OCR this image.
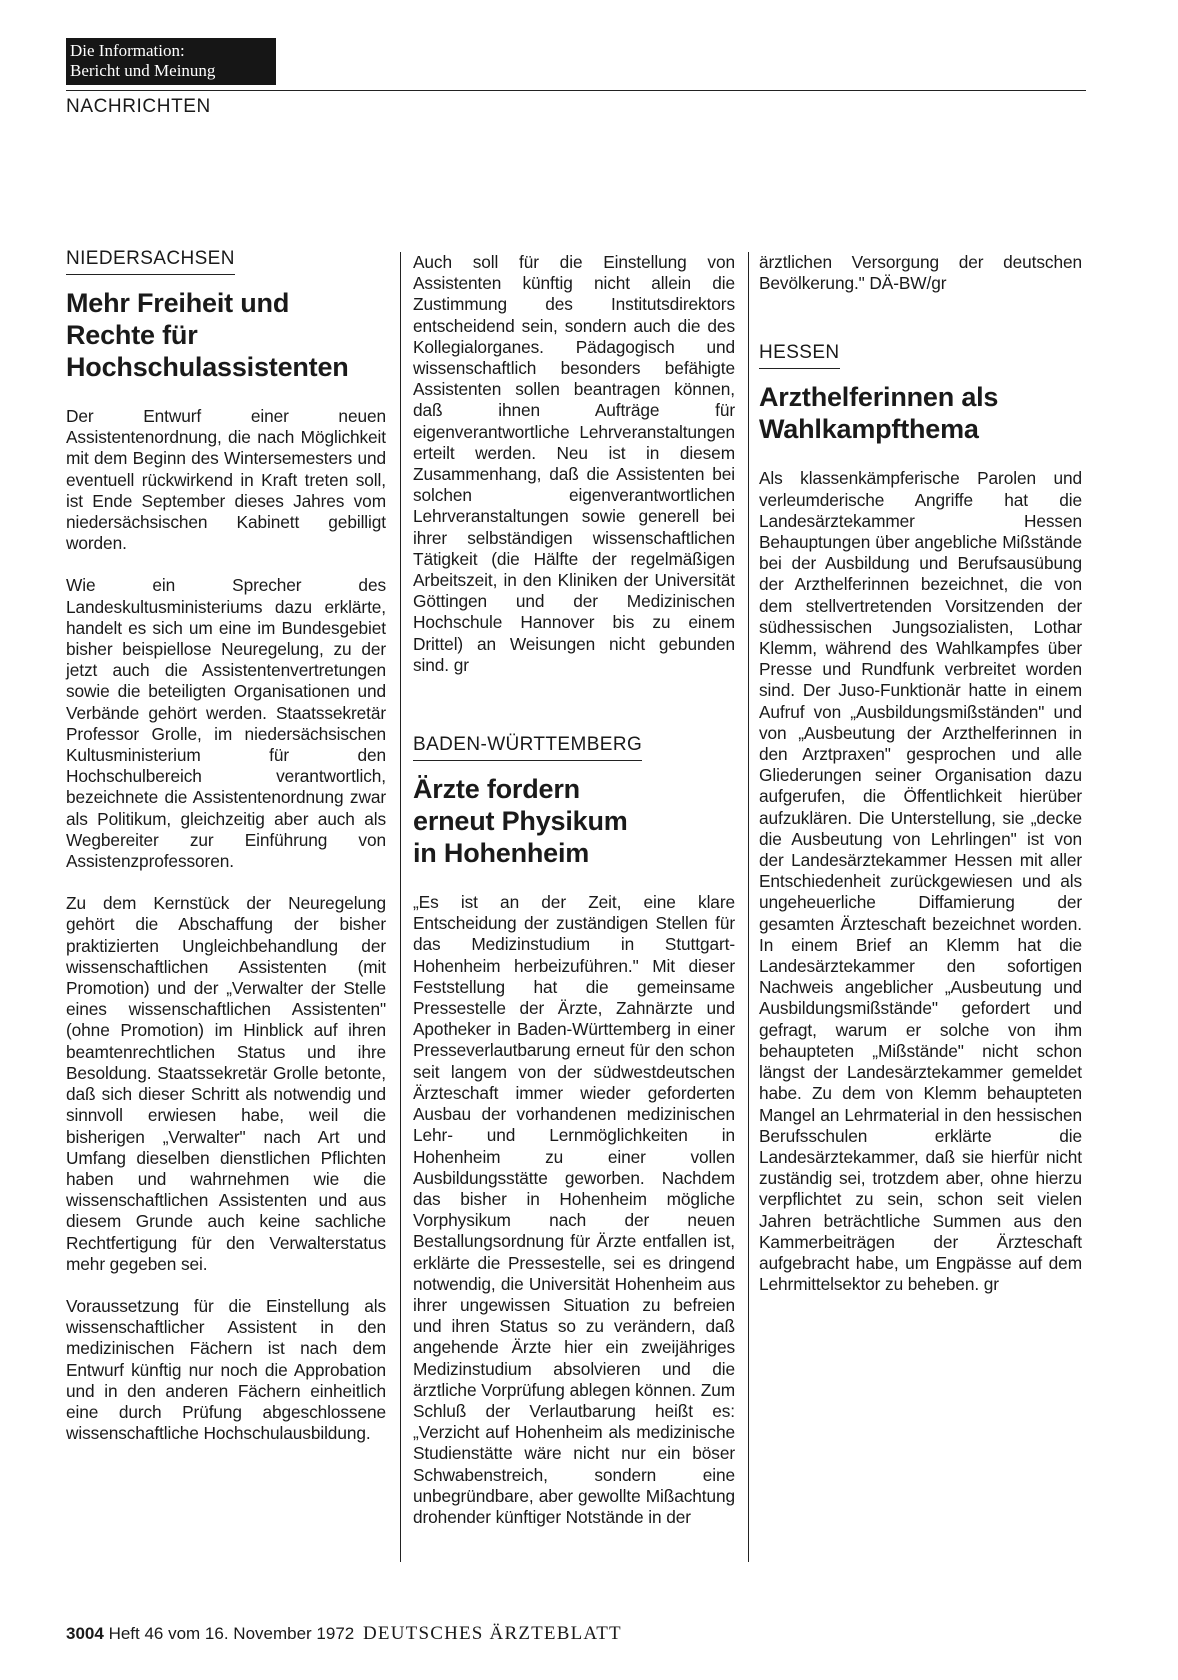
Die Information:
Bericht und Meinung
NACHRICHTEN
NIEDERSACHSEN
Mehr Freiheit und Rechte für Hochschulassistenten

Der Entwurf einer neuen Assistentenordnung, die nach Möglichkeit mit dem Beginn des Wintersemesters und eventuell rückwirkend in Kraft treten soll, ist Ende September dieses Jahres vom niedersächsischen Kabinett gebilligt worden.

Wie ein Sprecher des Landeskultusministeriums dazu erklärte, handelt es sich um eine im Bundesgebiet bisher beispiellose Neuregelung, zu der jetzt auch die Assistentenvertretungen sowie die beteiligten Organisationen und Verbände gehört werden. Staatssekretär Professor Grolle, im niedersächsischen Kultusministerium für den Hochschulbereich verantwortlich, bezeichnete die Assistentenordnung zwar als Politikum, gleichzeitig aber auch als Wegbereiter zur Einführung von Assistenzprofessoren.

Zu dem Kernstück der Neuregelung gehört die Abschaffung der bisher praktizierten Ungleichbehandlung der wissenschaftlichen Assistenten (mit Promotion) und der „Verwalter der Stelle eines wissenschaftlichen Assistenten" (ohne Promotion) im Hinblick auf ihren beamtenrechtlichen Status und ihre Besoldung. Staatssekretär Grolle betonte, daß sich dieser Schritt als notwendig und sinnvoll erwiesen habe, weil die bisherigen „Verwalter" nach Art und Umfang dieselben dienstlichen Pflichten haben und wahrnehmen wie die wissenschaftlichen Assistenten und aus diesem Grunde auch keine sachliche Rechtfertigung für den Verwalterstatus mehr gegeben sei.

Voraussetzung für die Einstellung als wissenschaftlicher Assistent in den medizinischen Fächern ist nach dem Entwurf künftig nur noch die Approbation und in den anderen Fächern einheitlich eine durch Prüfung abgeschlossene wissenschaftliche Hochschulausbildung.

Auch soll für die Einstellung von Assistenten künftig nicht allein die Zustimmung des Institutsdirektors entscheidend sein, sondern auch die des Kollegialorganes. Pädagogisch und wissenschaftlich besonders befähigte Assistenten sollen beantragen können, daß ihnen Aufträge für eigenverantwortliche Lehrveranstaltungen erteilt werden. Neu ist in diesem Zusammenhang, daß die Assistenten bei solchen eigenverantwortlichen Lehrveranstaltungen sowie generell bei ihrer selbständigen wissenschaftlichen Tätigkeit (die Hälfte der regelmäßigen Arbeitszeit, in den Kliniken der Universität Göttingen und der Medizinischen Hochschule Hannover bis zu einem Drittel) an Weisungen nicht gebunden sind. gr

BADEN-WÜRTTEMBERG
Ärzte fordern erneut Physikum in Hohenheim

„Es ist an der Zeit, eine klare Entscheidung der zuständigen Stellen für das Medizinstudium in Stuttgart-Hohenheim herbeizuführen." Mit dieser Feststellung hat die gemeinsame Pressestelle der Ärzte, Zahnärzte und Apotheker in Baden-Württemberg in einer Presseverlautbarung erneut für den schon seit langem von der südwestdeutschen Ärzteschaft immer wieder geforderten Ausbau der vorhandenen medizinischen Lehr- und Lernmöglichkeiten in Hohenheim zu einer vollen Ausbildungsstätte geworben. Nachdem das bisher in Hohenheim mögliche Vorphysikum nach der neuen Bestallungsordnung für Ärzte entfallen ist, erklärte die Pressestelle, sei es dringend notwendig, die Universität Hohenheim aus ihrer ungewissen Situation zu befreien und ihren Status so zu verändern, daß angehende Ärzte hier ein zweijähriges Medizinstudium absolvieren und die ärztliche Vorprüfung ablegen können. Zum Schluß der Verlautbarung heißt es: „Verzicht auf Hohenheim als medizinische Studienstätte wäre nicht nur ein böser Schwabenstreich, sondern eine unbegründbare, aber gewollte Mißachtung drohender künftiger Notstände in der

ärztlichen Versorgung der deutschen Bevölkerung." DÄ-BW/gr

HESSEN
Arzthelferinnen als Wahlkampfthema

Als klassenkämpferische Parolen und verleumderische Angriffe hat die Landesärztekammer Hessen Behauptungen über angebliche Mißstände bei der Ausbildung und Berufsausübung der Arzthelferinnen bezeichnet, die von dem stellvertretenden Vorsitzenden der südhessischen Jungsozialisten, Lothar Klemm, während des Wahlkampfes über Presse und Rundfunk verbreitet worden sind. Der Juso-Funktionär hatte in einem Aufruf von „Ausbildungsmißständen" und von „Ausbeutung der Arzthelferinnen in den Arztpraxen" gesprochen und alle Gliederungen seiner Organisation dazu aufgerufen, die Öffentlichkeit hierüber aufzuklären. Die Unterstellung, sie „decke die Ausbeutung von Lehrlingen" ist von der Landesärztekammer Hessen mit aller Entschiedenheit zurückgewiesen und als ungeheuerliche Diffamierung der gesamten Ärzteschaft bezeichnet worden. In einem Brief an Klemm hat die Landesärztekammer den sofortigen Nachweis angeblicher „Ausbeutung und Ausbildungsmißstände" gefordert und gefragt, warum er solche von ihm behaupteten „Mißstände" nicht schon längst der Landesärztekammer gemeldet habe. Zu dem von Klemm behaupteten Mangel an Lehrmaterial in den hessischen Berufsschulen erklärte die Landesärztekammer, daß sie hierfür nicht zuständig sei, trotzdem aber, ohne hierzu verpflichtet zu sein, schon seit vielen Jahren beträchtliche Summen aus den Kammerbeiträgen der Ärzteschaft aufgebracht habe, um Engpässe auf dem Lehrmittelsektor zu beheben. gr

3004 Heft 46 vom 16. November 1972 DEUTSCHES ÄRZTEBLATT
